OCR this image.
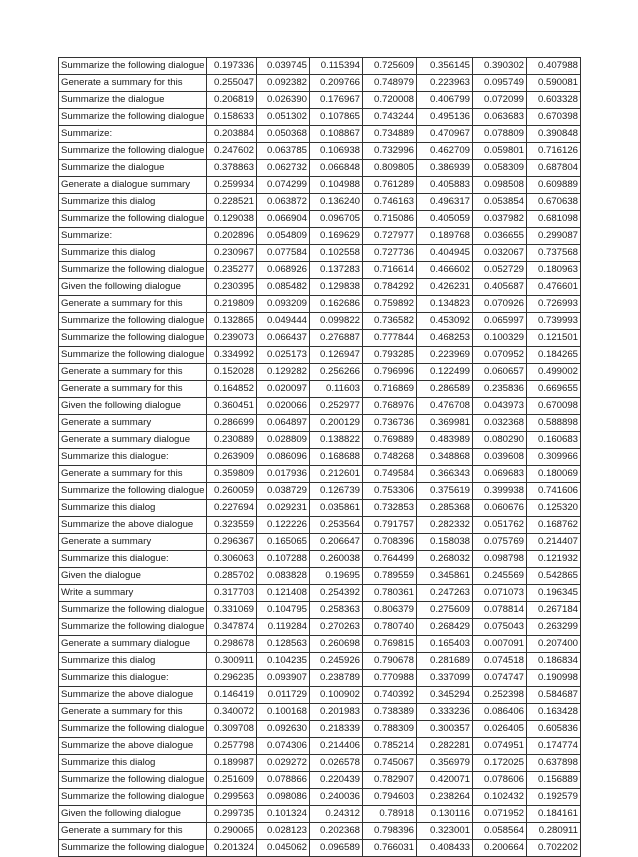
Summarize the following dialogue	0.197336	0.039745	0.115394	0.725609	0.356145	0.390302	0.407988
Generate a summary for this	0.255047	0.092382	0.209766	0.748979	0.223963	0.095749	0.590081
Summarize the dialogue	0.206819	0.026390	0.176967	0.720008	0.406799	0.072099	0.603328
Summarize the following dialogue	0.158633	0.051302	0.107865	0.743244	0.495136	0.063683	0.670398
Summarize:	0.203884	0.050368	0.108867	0.734889	0.470967	0.078809	0.390848
Summarize the following dialogue	0.247602	0.063785	0.106938	0.732996	0.462709	0.059801	0.716126
Summarize the dialogue	0.378863	0.062732	0.066848	0.809805	0.386939	0.058309	0.687804
Generate a dialogue summary	0.259934	0.074299	0.104988	0.761289	0.405883	0.098508	0.609889
Summarize this dialog	0.228521	0.063872	0.136240	0.746163	0.496317	0.053854	0.670638
Summarize the following dialogue	0.129038	0.066904	0.096705	0.715086	0.405059	0.037982	0.681098
Summarize:	0.202896	0.054809	0.169629	0.727977	0.189768	0.036655	0.299087
Summarize this dialog	0.230967	0.077584	0.102558	0.727736	0.404945	0.032067	0.737568
Summarize the following dialogue	0.235277	0.068926	0.137283	0.716614	0.466602	0.052729	0.180963
Given the following dialogue	0.230395	0.085482	0.129838	0.784292	0.426231	0.405687	0.476601
Generate a summary for this	0.219809	0.093209	0.162686	0.759892	0.134823	0.070926	0.726993
Summarize the following dialogue	0.132865	0.049444	0.099822	0.736582	0.453092	0.065997	0.739993
Summarize the following dialogue	0.239073	0.066437	0.276887	0.777844	0.468253	0.100329	0.121501
Summarize the following dialogue	0.334992	0.025173	0.126947	0.793285	0.223969	0.070952	0.184265
Generate a summary for this	0.152028	0.129282	0.256266	0.796996	0.122499	0.060657	0.499002
Generate a summary for this	0.164852	0.020097	0.11603	0.716869	0.286589	0.235836	0.669655
Given the following dialogue	0.360451	0.020066	0.252977	0.768976	0.476708	0.043973	0.670098
Generate a summary	0.286699	0.064897	0.200129	0.736736	0.369981	0.032368	0.588898
Generate a summary dialogue	0.230889	0.028809	0.138822	0.769889	0.483989	0.080290	0.160683
Summarize this dialogue:	0.263909	0.086096	0.168688	0.748268	0.348868	0.039608	0.309966
Generate a summary for this	0.359809	0.017936	0.212601	0.749584	0.366343	0.069683	0.180069
Summarize the following dialogue	0.260059	0.038729	0.126739	0.753306	0.375619	0.399938	0.741606
Summarize this dialog	0.227694	0.029231	0.035861	0.732853	0.285368	0.060676	0.125320
Summarize the above dialogue	0.323559	0.122226	0.253564	0.791757	0.282332	0.051762	0.168762
Generate a summary	0.296367	0.165065	0.206647	0.708396	0.158038	0.075769	0.214407
Summarize this dialogue:	0.306063	0.107288	0.260038	0.764499	0.268032	0.098798	0.121932
Given the dialogue	0.285702	0.083828	0.19695	0.789559	0.345861	0.245569	0.542865
Write a summary	0.317703	0.121408	0.254392	0.780361	0.247263	0.071073	0.196345
Summarize the following dialogue	0.331069	0.104795	0.258363	0.806379	0.275609	0.078814	0.267184
Summarize the following dialogue	0.347874	0.119284	0.270263	0.780740	0.268429	0.075043	0.263299
Generate a summary dialogue	0.298678	0.128563	0.260698	0.769815	0.165403	0.007091	0.207400
Summarize this dialog	0.300911	0.104235	0.245926	0.790678	0.281689	0.074518	0.186834
Summarize this dialogue:	0.296235	0.093907	0.238789	0.770988	0.337099	0.074747	0.190998
Summarize the above dialogue	0.146419	0.011729	0.100902	0.740392	0.345294	0.252398	0.584687
Generate a summary for this	0.340072	0.100168	0.201983	0.738389	0.333236	0.086406	0.163428
Summarize the following dialogue	0.309708	0.092630	0.218339	0.788309	0.300357	0.026405	0.605836
Summarize the above dialogue	0.257798	0.074306	0.214406	0.785214	0.282281	0.074951	0.174774
Summarize this dialog	0.189987	0.029272	0.026578	0.745067	0.356979	0.172025	0.637898
Summarize the following dialogue	0.251609	0.078866	0.220439	0.782907	0.420071	0.078606	0.156889
Summarize the following dialogue	0.299563	0.098086	0.240036	0.794603	0.238264	0.102432	0.192579
Given the following dialogue	0.299735	0.101324	0.24312	0.78918	0.130116	0.071952	0.184161
Generate a summary for this	0.290065	0.028123	0.202368	0.798396	0.323001	0.058564	0.280911
Summarize the following dialogue	0.201324	0.045062	0.096589	0.766031	0.408433	0.200664	0.702202
